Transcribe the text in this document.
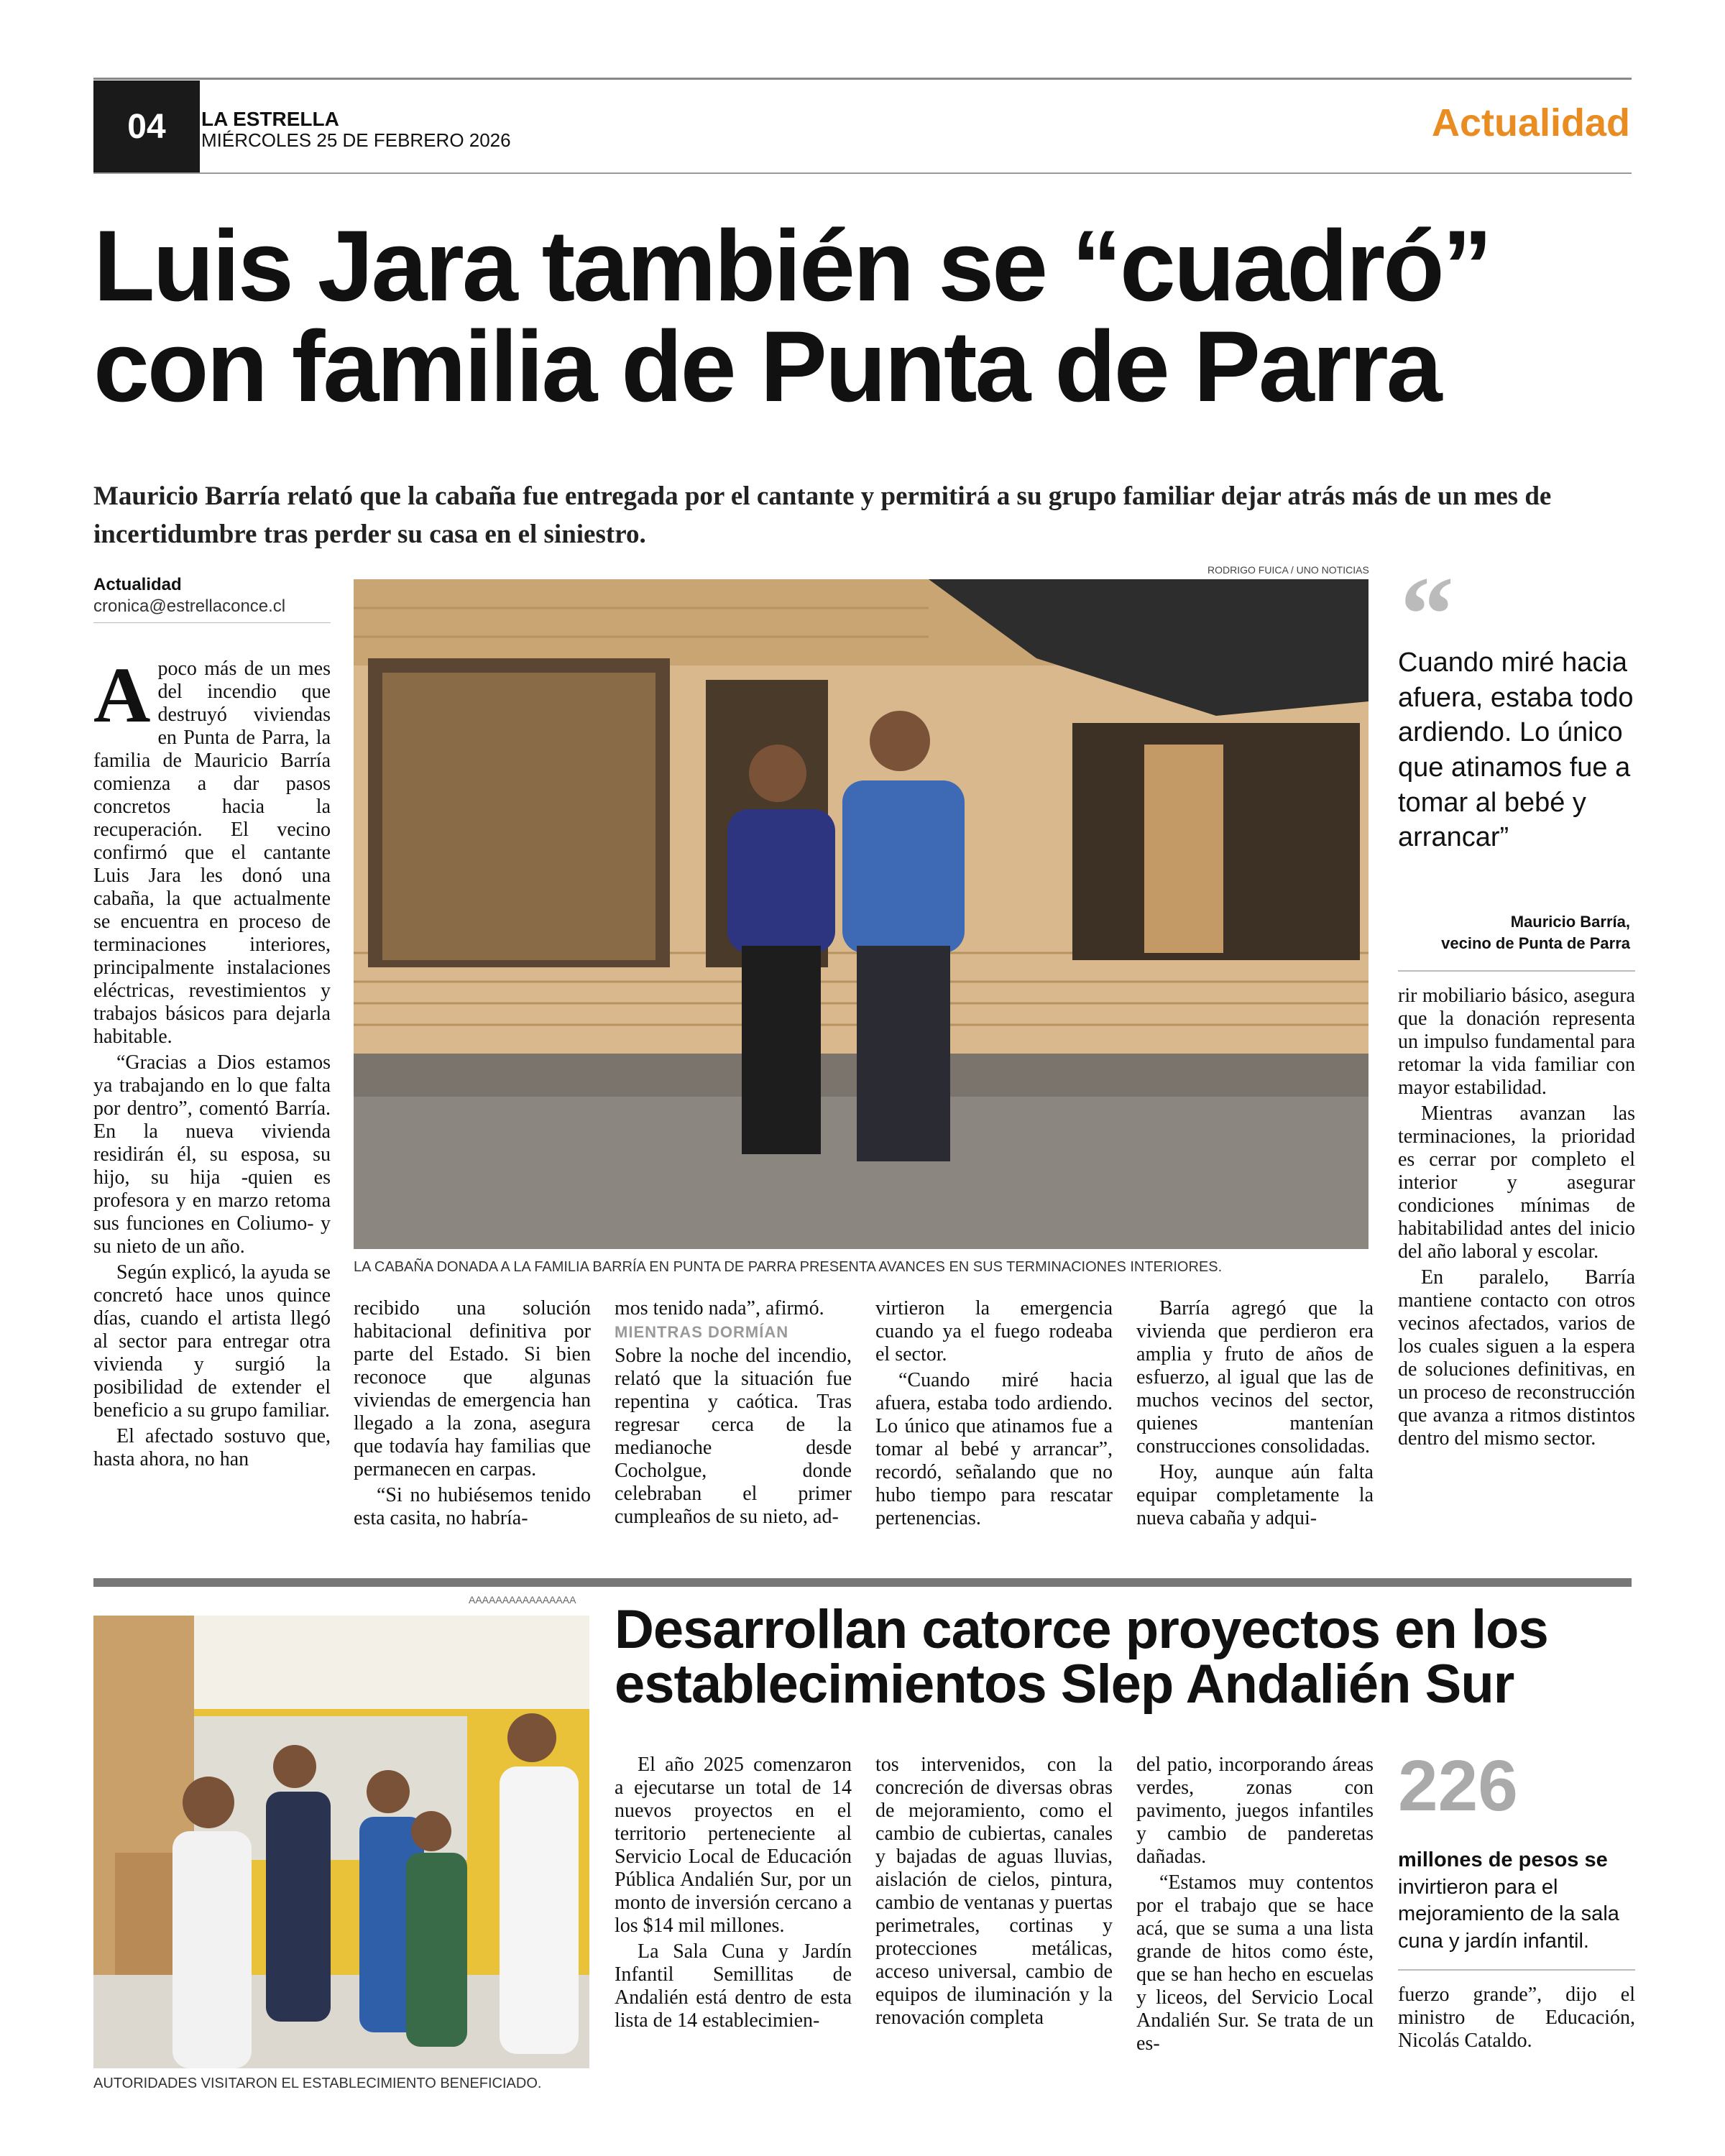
04	LA ESTRELLA
MIÉRCOLES 25 DE FEBRERO 2026	Actualidad
Luis Jara también se “cuadró” con familia de Punta de Parra
Mauricio Barría relató que la cabaña fue entregada por el cantante y permitirá a su grupo familiar dejar atrás más de un mes de incertidumbre tras perder su casa en el siniestro.
Actualidad
cronica@estrellaconce.cl

Apoco más de un mes del incendio que destruyó viviendas en Punta de Parra, la familia de Mauricio Barría comienza a dar pasos concretos hacia la recuperación. El vecino confirmó que el cantante Luis Jara les donó una cabaña, la que actualmente se encuentra en proceso de terminaciones interiores, principalmente instalaciones eléctricas, revestimientos y trabajos básicos para dejarla habitable.

“Gracias a Dios estamos ya trabajando en lo que falta por dentro”, comentó Barría. En la nueva vivienda residirán él, su esposa, su hijo, su hija -quien es profesora y en marzo retoma sus funciones en Coliumo- y su nieto de un año.

Según explicó, la ayuda se concretó hace unos quince días, cuando el artista llegó al sector para entregar otra vivienda y surgió la posibilidad de extender el beneficio a su grupo familiar.

El afectado sostuvo que, hasta ahora, no han

RODRIGO FUICA / UNO NOTICIAS
LA CABAÑA DONADA A LA FAMILIA BARRÍA EN PUNTA DE PARRA PRESENTA AVANCES EN SUS TERMINACIONES INTERIORES.
“
Cuando miré hacia afuera, estaba todo ardiendo. Lo único que atinamos fue a tomar al bebé y arrancar”
Mauricio Barría,
vecino de Punta de Parra

recibido una solución habitacional definitiva por parte del Estado. Si bien reconoce que algunas viviendas de emergencia han llegado a la zona, asegura que todavía hay familias que permanecen en carpas.

“Si no hubiésemos tenido esta casita, no habría-

mos tenido nada”, afirmó.

MIENTRAS DORMÍAN

Sobre la noche del incendio, relató que la situación fue repentina y caótica. Tras regresar cerca de la medianoche desde Cocholgue, donde celebraban el primer cumpleaños de su nieto, ad-

virtieron la emergencia cuando ya el fuego rodeaba el sector.

“Cuando miré hacia afuera, estaba todo ardiendo. Lo único que atinamos fue a tomar al bebé y arrancar”, recordó, señalando que no hubo tiempo para rescatar pertenencias.

Barría agregó que la vivienda que perdieron era amplia y fruto de años de esfuerzo, al igual que las de muchos vecinos del sector, quienes mantenían construcciones consolidadas.

Hoy, aunque aún falta equipar completamente la nueva cabaña y adqui-

rir mobiliario básico, asegura que la donación representa un impulso fundamental para retomar la vida familiar con mayor estabilidad.

Mientras avanzan las terminaciones, la prioridad es cerrar por completo el interior y asegurar condiciones mínimas de habitabilidad antes del inicio del año laboral y escolar.

En paralelo, Barría mantiene contacto con otros vecinos afectados, varios de los cuales siguen a la espera de soluciones definitivas, en un proceso de reconstrucción que avanza a ritmos distintos dentro del mismo sector.

AAAAAAAAAAAAAAAA
AUTORIDADES VISITARON EL ESTABLECIMIENTO BENEFICIADO.
Desarrollan catorce proyectos en los establecimientos Slep Andalién Sur

El año 2025 comenzaron a ejecutarse un total de 14 nuevos proyectos en el territorio perteneciente al Servicio Local de Educación Pública Andalién Sur, por un monto de inversión cercano a los $14 mil millones.

La Sala Cuna y Jardín Infantil Semillitas de Andalién está dentro de esta lista de 14 establecimien-

tos intervenidos, con la concreción de diversas obras de mejoramiento, como el cambio de cubiertas, canales y bajadas de aguas lluvias, aislación de cielos, pintura, cambio de ventanas y puertas perimetrales, cortinas y protecciones metálicas, acceso universal, cambio de equipos de iluminación y la renovación completa

del patio, incorporando áreas verdes, zonas con pavimento, juegos infantiles y cambio de panderetas dañadas.

“Estamos muy contentos por el trabajo que se hace acá, que se suma a una lista grande de hitos como éste, que se han hecho en escuelas y liceos, del Servicio Local Andalién Sur. Se trata de un es-

226
millones de pesos se invirtieron para el mejoramiento de la sala cuna y jardín infantil.

fuerzo grande”, dijo el ministro de Educación, Nicolás Cataldo.
